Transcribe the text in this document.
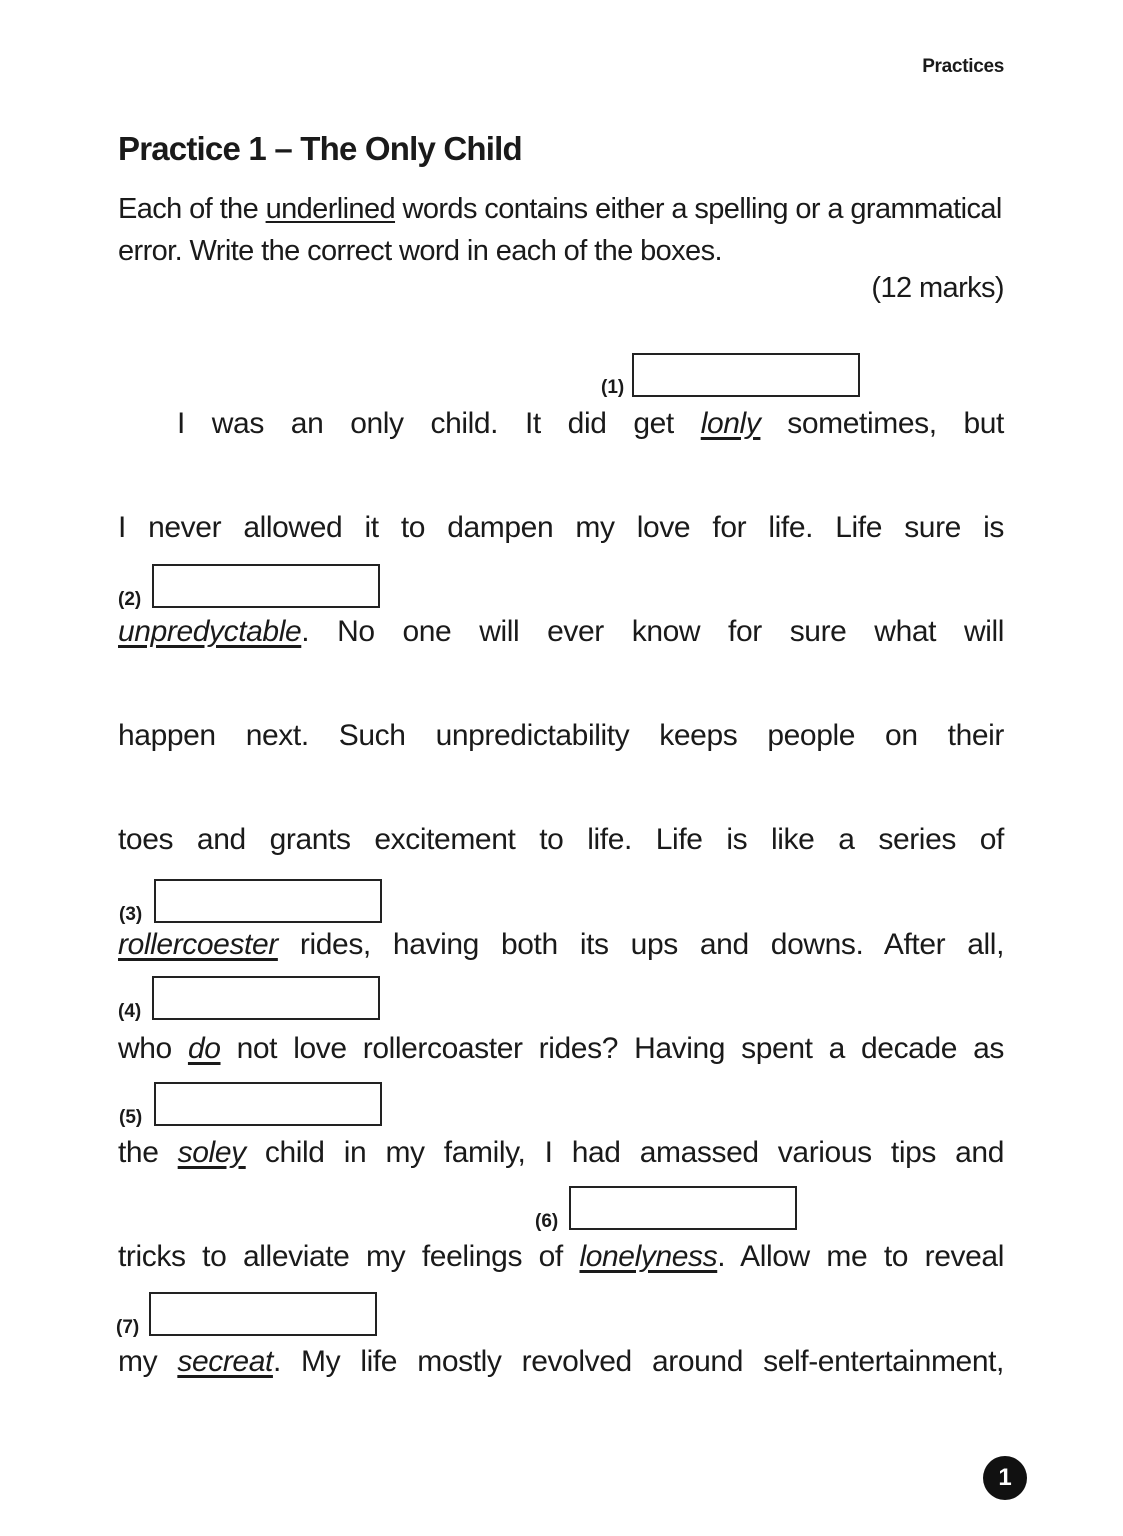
Practices
Practice 1 – The Only Child
Each of the underlined words contains either a spelling or a grammatical error. Write the correct word in each of the boxes.
(12 marks)
(1)
(2)
(3)
(4)
(5)
(6)
(7)
I was an only child. It did get lonly sometimes, but
I never allowed it to dampen my love for life. Life sure is
unpredyctable. No one will ever know for sure what will
happen next. Such unpredictability keeps people on their
toes and grants excitement to life. Life is like a series of
rollercoester rides, having both its ups and downs. After all,
who do not love rollercoaster rides? Having spent a decade as
the soley child in my family, I had amassed various tips and
tricks to alleviate my feelings of lonelyness. Allow me to reveal
my secreat. My life mostly revolved around self-entertainment,
1
